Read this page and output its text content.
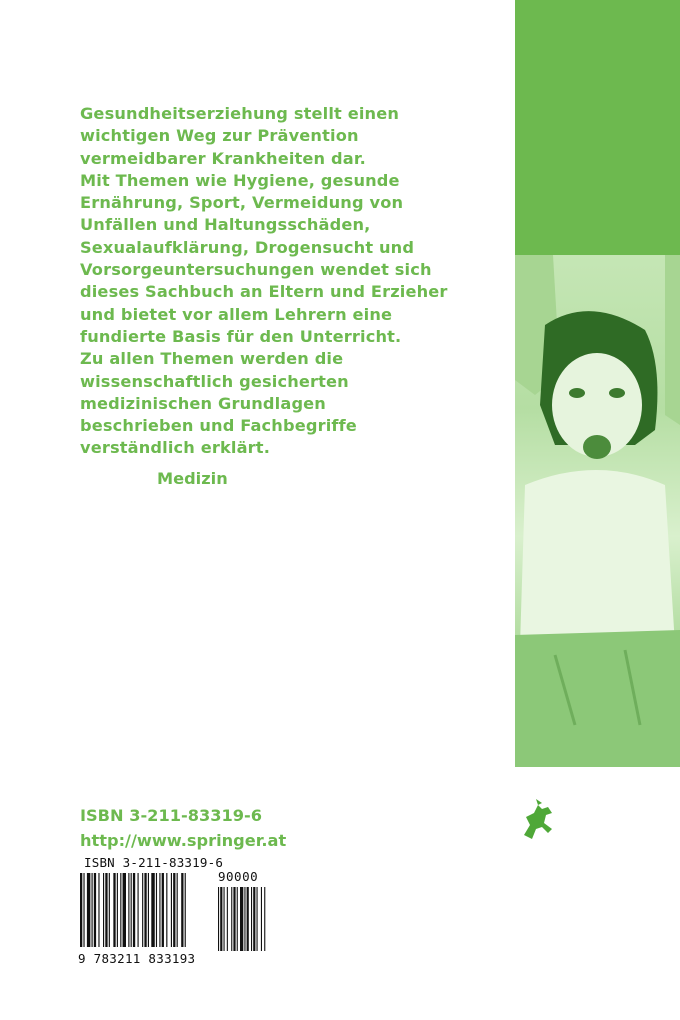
Gesundheitserziehung stellt einen
wichtigen Weg zur Prävention
vermeidbarer Krankheiten dar.
Mit Themen wie Hygiene, gesunde
Ernährung, Sport, Vermeidung von
Unfällen und Haltungsschäden,
Sexualaufklärung, Drogensucht und
Vorsorgeuntersuchungen wendet sich
dieses Sachbuch an Eltern und Erzieher
und bietet vor allem Lehrern eine
fundierte Basis für den Unterricht.
Zu allen Themen werden die
wissenschaftlich gesicherten
medizinischen Grundlagen
beschrieben und Fachbegriffe
verständlich erklärt.
Medizin
ISBN 3-211-83319-6
http://www.springer.at
ISBN 3-211-83319-6
90000
9 783211 833193
